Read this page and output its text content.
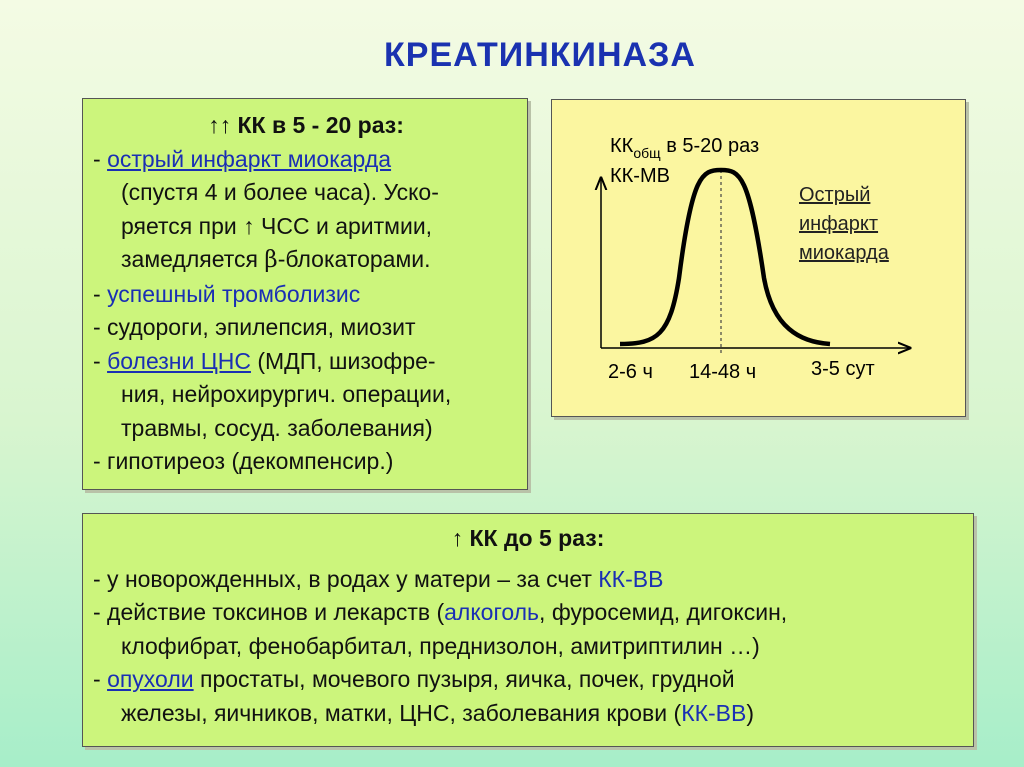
КРЕАТИНКИНАЗА
↑↑ КК в 5 - 20 раз:
- острый инфаркт миокарда
(спустя 4 и более часа). Уско-
ряется при ↑ ЧСС и аритмии,
замедляется β-блокаторами.
- успешный тромболизис
- судороги, эпилепсия, миозит
- болезни ЦНС (МДП, шизофре-
ния, нейрохирургич. операции,
травмы, сосуд. заболевания)
- гипотиреоз (декомпенсир.)
$КК_{общ}$ в 5-20 раз
КК-МВ
Острый
инфаркт
миокарда
2-6 ч 14-48 ч	3-5 сут
↑ КК до 5 раз:
- у новорожденных, в родах у матери – за счет КК-ВВ
- действие токсинов и лекарств (алкоголь, фуросемид, дигоксин,
клофибрат, фенобарбитал, преднизолон, амитриптилин …)
- опухоли простаты, мочевого пузыря, яичка, почек, грудной
железы, яичников, матки, ЦНС, заболевания крови (КК-ВВ)
